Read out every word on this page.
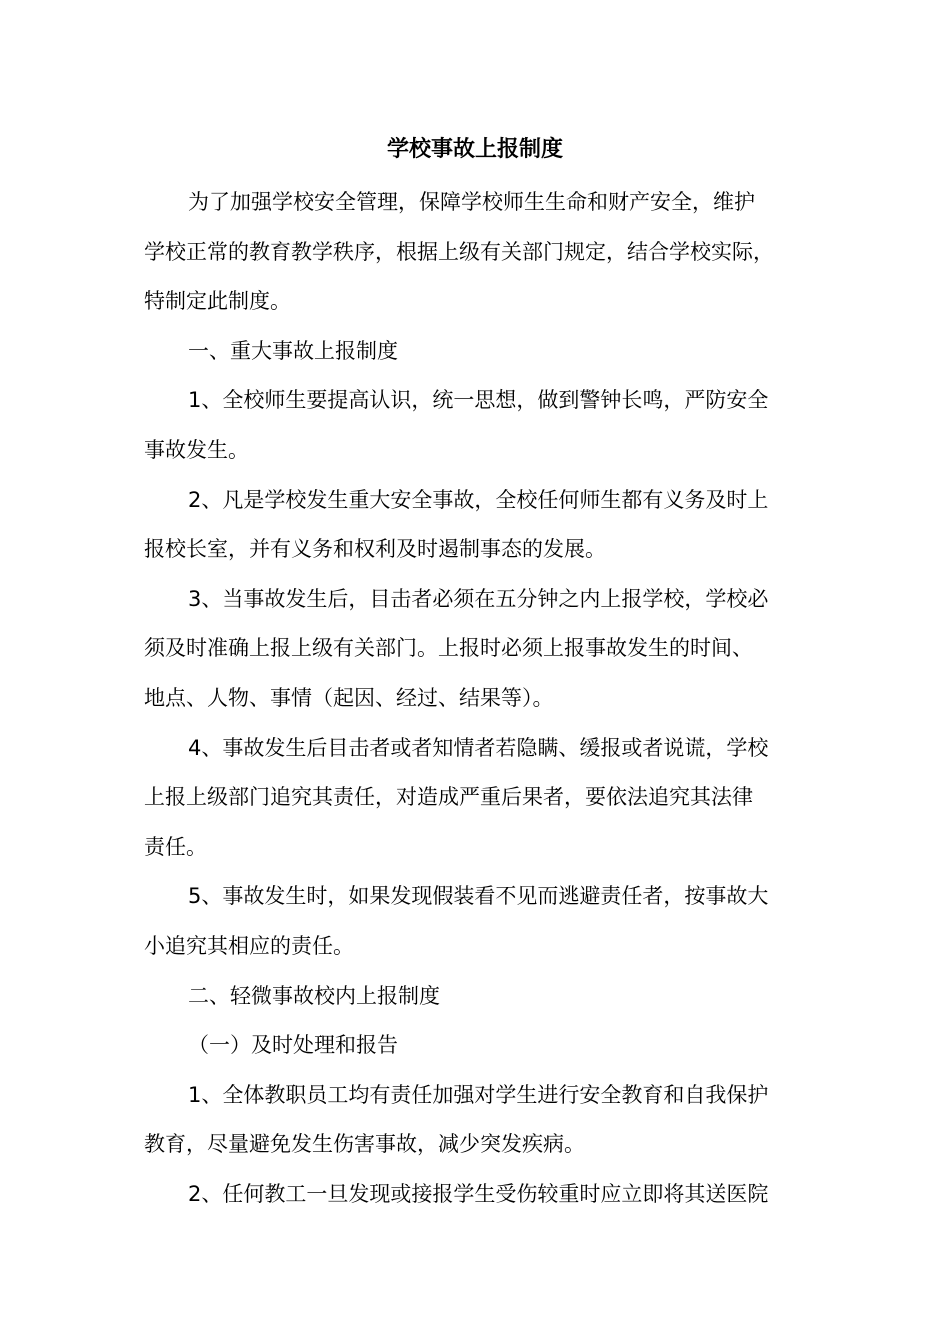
学校事故上报制度
为了加强学校安全管理，保障学校师生生命和财产安全，维护
学校正常的教育教学秩序，根据上级有关部门规定，结合学校实际，
特制定此制度。
一、重大事故上报制度
1、全校师生要提高认识，统一思想，做到警钟长鸣，严防安全
事故发生。
2、凡是学校发生重大安全事故，全校任何师生都有义务及时上
报校长室，并有义务和权利及时遏制事态的发展。
3、当事故发生后，目击者必须在五分钟之内上报学校，学校必
须及时准确上报上级有关部门。上报时必须上报事故发生的时间、
地点、人物、事情（起因、经过、结果等）。
4、事故发生后目击者或者知情者若隐瞒、缓报或者说谎，学校
上报上级部门追究其责任，对造成严重后果者，要依法追究其法律
责任。
5、事故发生时，如果发现假装看不见而逃避责任者，按事故大
小追究其相应的责任。
二、轻微事故校内上报制度
（一）及时处理和报告
1、全体教职员工均有责任加强对学生进行安全教育和自我保护
教育，尽量避免发生伤害事故，减少突发疾病。
2、任何教工一旦发现或接报学生受伤较重时应立即将其送医院
